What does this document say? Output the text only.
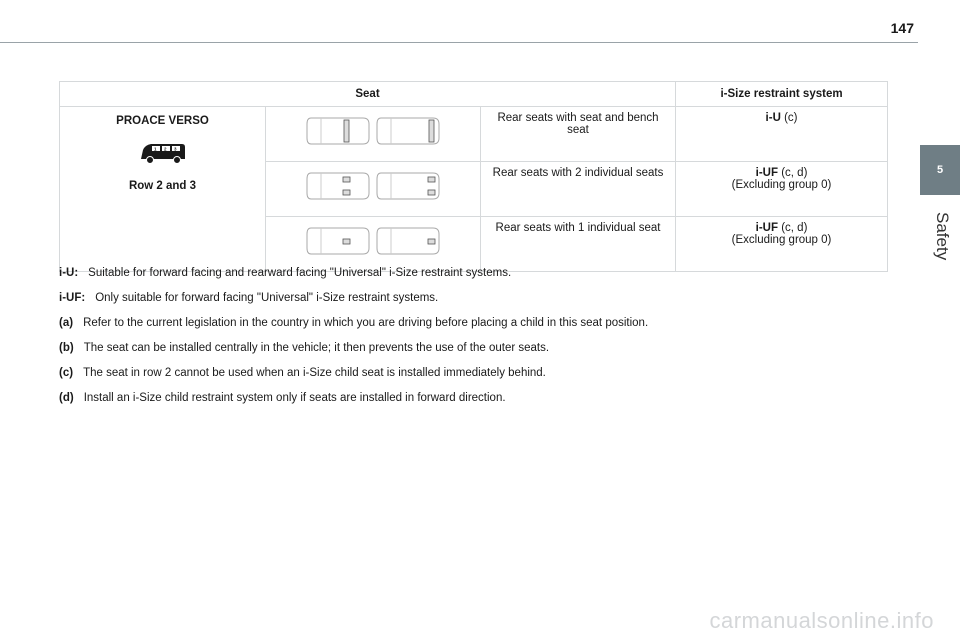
147
5
Safety
Seat			i-Size restraint system

PROACE VERSO
1 2 3
Row 2 and 3		Rear seats with seat and bench seat	i-U (c)

	Rear seats with 2 individual seats	i-UF (c, d)
(Excluding group 0)

	Rear seats with 1 individual seat	i-UF (c, d)
(Excluding group 0)
i-U: Suitable for forward facing and rearward facing "Universal" i-Size restraint systems.
i-UF: Only suitable for forward facing "Universal" i-Size restraint systems.
(a) Refer to the current legislation in the country in which you are driving before placing a child in this seat position.
(b) The seat can be installed centrally in the vehicle; it then prevents the use of the outer seats.
(c) The seat in row 2 cannot be used when an i-Size child seat is installed immediately behind.
(d) Install an i-Size child restraint system only if seats are installed in forward direction.
carmanualsonline.info
